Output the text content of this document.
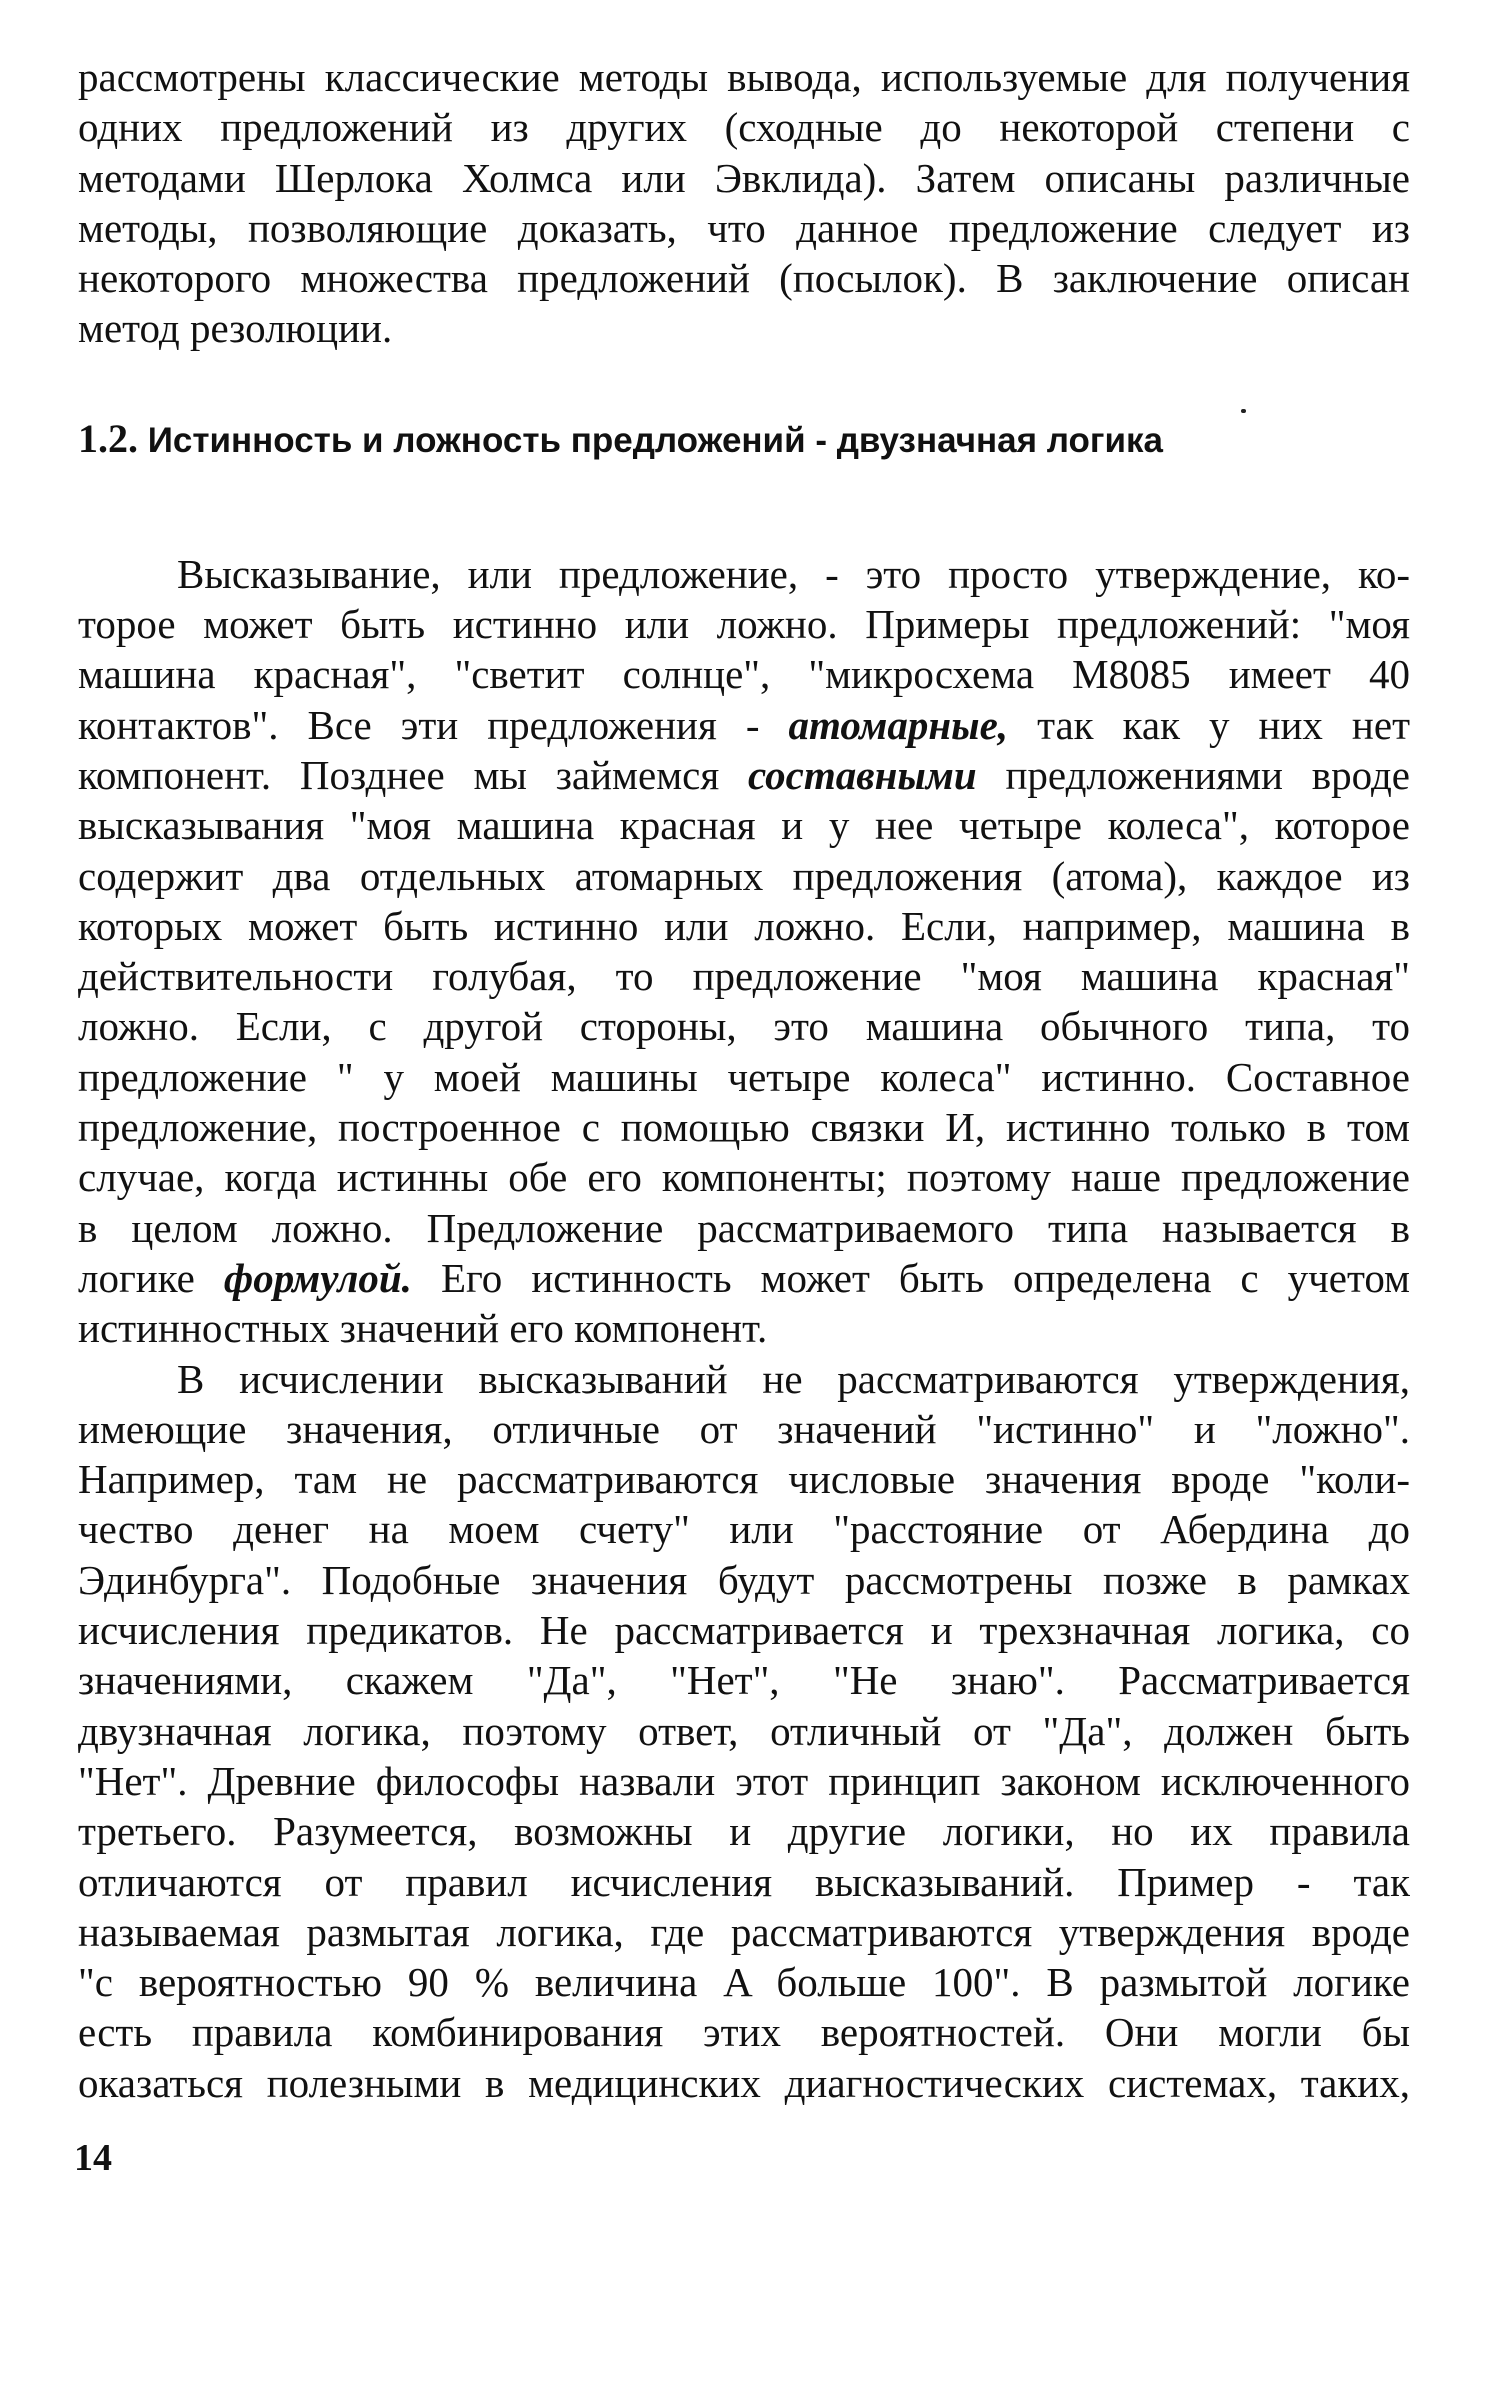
рассмотрены классические методы вывода, используемые для получения
одних предложений из других (сходные до некоторой степени с
методами Шерлока Холмса или Эвклида). Затем описаны различные
методы, позволяющие доказать, что данное предложение следует из
некоторого множества предложений (посылок). В заключение описан
метод резолюции.
1.2. Истинность и ложность предложений - двузначная логика
Высказывание, или предложение, - это просто утверждение, ко-
торое может быть истинно или ложно. Примеры предложений: "моя
машина красная", "светит солнце", "микросхема M8085 имеет 40
контактов". Все эти предложения - атомарные, так как у них нет
компонент. Позднее мы займемся составными предложениями вроде
высказывания "моя машина красная и у нее четыре колеса", которое
содержит два отдельных атомарных предложения (атома), каждое из
которых может быть истинно или ложно. Если, например, машина в
действительности голубая, то предложение "моя машина красная"
ложно. Если, с другой стороны, это машина обычного типа, то
предложение " у моей машины четыре колеса" истинно. Составное
предложение, построенное с помощью связки И, истинно только в том
случае, когда истинны обе его компоненты; поэтому наше предложение
в целом ложно. Предложение рассматриваемого типа называется в
логике формулой. Его истинность может быть определена с учетом
истинностных значений его компонент.
В исчислении высказываний не рассматриваются утверждения,
имеющие значения, отличные от значений "истинно" и "ложно".
Например, там не рассматриваются числовые значения вроде "коли-
чество денег на моем счету" или "расстояние от Абердина до
Эдинбурга". Подобные значения будут рассмотрены позже в рамках
исчисления предикатов. Не рассматривается и трехзначная логика, со
значениями, скажем "Да", "Нет", "Не знаю". Рассматривается
двузначная логика, поэтому ответ, отличный от "Да", должен быть
"Нет". Древние философы назвали этот принцип законом исключенного
третьего. Разумеется, возможны и другие логики, но их правила
отличаются от правил исчисления высказываний. Пример - так
называемая размытая логика, где рассматриваются утверждения вроде
"с вероятностью 90 % величина A больше 100". В размытой логике
есть правила комбинирования этих вероятностей. Они могли бы
оказаться полезными в медицинских диагностических системах, таких,
14
